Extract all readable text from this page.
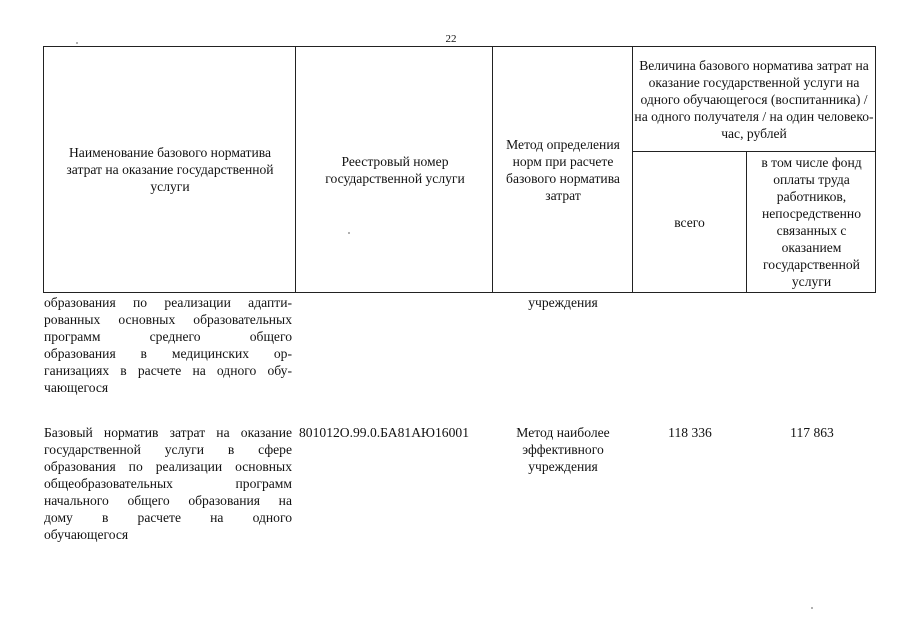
22
Наименование базового норматива затрат на оказание государственной услуги
Реестровый номер государственной услуги
Метод определения норм при расчете базового норматива затрат
Величина базового норматива затрат на оказание государственной услуги на одного обучающегося (воспитанника) / на одного получателя / на один человеко-час, рублей
всего
в том числе фонд оплаты труда работников, непосредственно связанных с оказанием государственной услуги
образования по реализации адапти-
рованных основных образовательных
программ среднего общего
образования в медицинских ор-
ганизациях в расчете на одного обу-
чающегося
учреждения
Базовый норматив затрат на оказание
государственной услуги в сфере
образования по реализации основных
общеобразовательных программ
начального общего образования на
дому в расчете на одного
обучающегося
801012О.99.0.БА81АЮ16001	Метод наиболее
эффективного
учреждения
118 336	117 863
